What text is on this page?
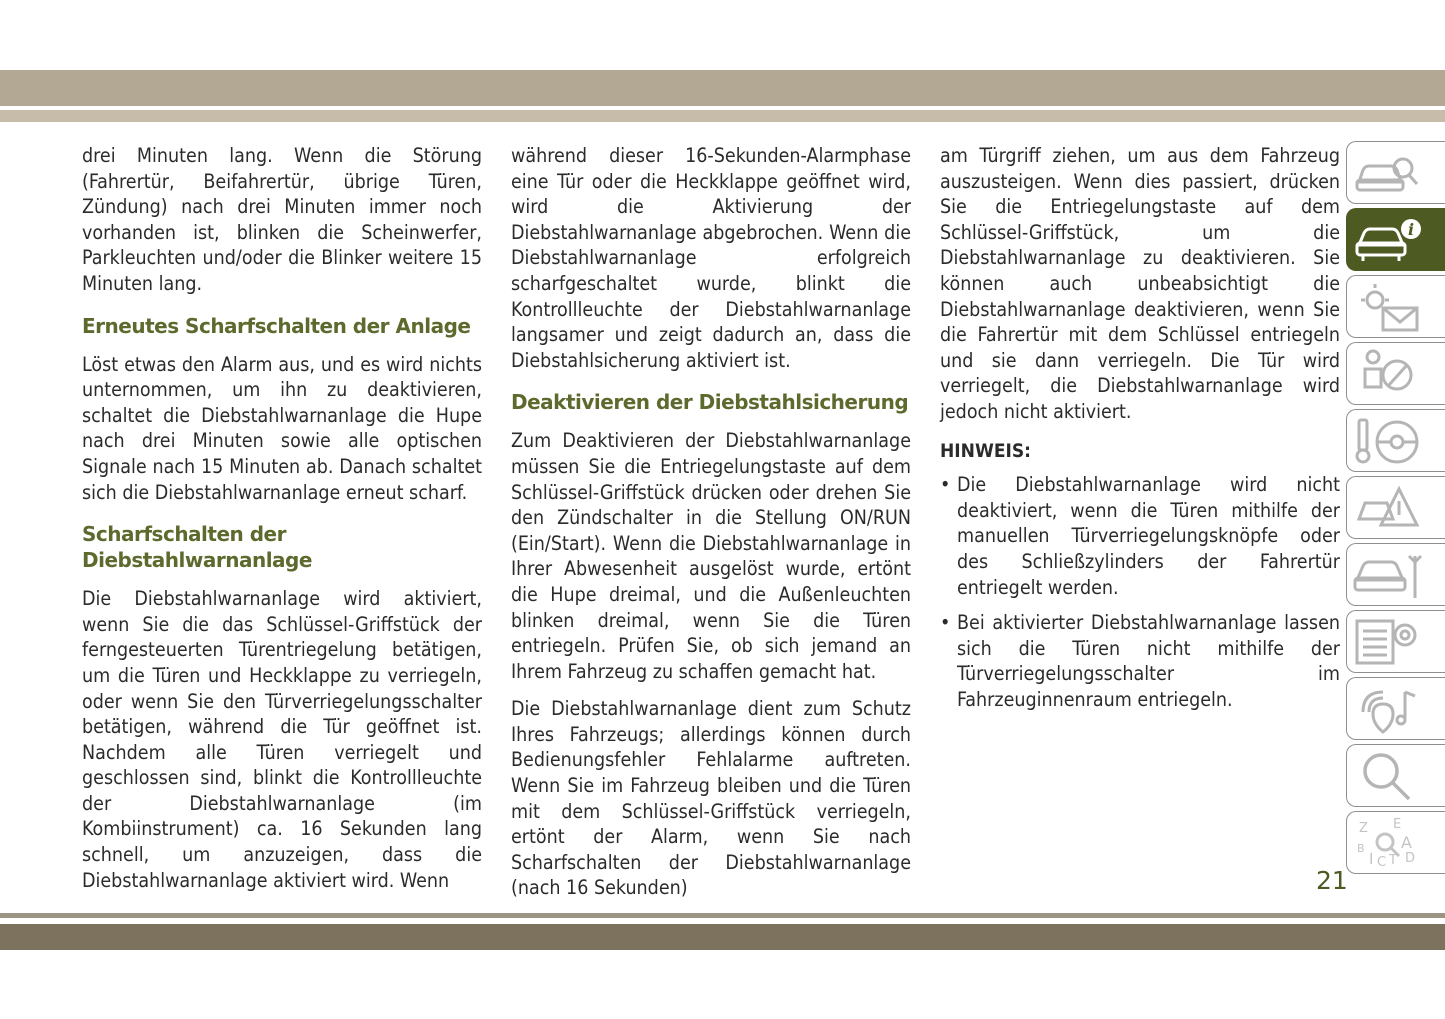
drei Minuten lang. Wenn die Störung (Fahrertür, Beifahrertür, übrige Türen, Zündung) nach drei Minuten immer noch vorhanden ist, blinken die Scheinwerfer, Parkleuchten und/oder die Blinker weitere 15 Minuten lang.

Erneutes Scharfschalten der Anlage

Löst etwas den Alarm aus, und es wird nichts unternommen, um ihn zu deaktivieren, schaltet die Diebstahlwarnanlage die Hupe nach drei Minuten sowie alle optischen Signale nach 15 Minuten ab. Danach schaltet sich die Diebstahlwarnanlage erneut scharf.

Scharfschalten der Diebstahlwarnanlage

Die Diebstahlwarnanlage wird aktiviert, wenn Sie die das Schlüssel-Griffstück der ferngesteuerten Türentriegelung betätigen, um die Türen und Heckklappe zu verriegeln, oder wenn Sie den Türverriegelungsschalter betätigen, während die Tür geöffnet ist. Nachdem alle Türen verriegelt und geschlossen sind, blinkt die Kontrollleuchte der Diebstahlwarnanlage (im Kombiinstrument) ca. 16 Sekunden lang schnell, um anzuzeigen, dass die Diebstahlwarnanlage aktiviert wird. Wenn

während dieser 16-Sekunden-Alarmphase eine Tür oder die Heckklappe geöffnet wird, wird die Aktivierung der Diebstahlwarnanlage abgebrochen. Wenn die Diebstahlwarnanlage erfolgreich scharfgeschaltet wurde, blinkt die Kontrollleuchte der Diebstahlwarnanlage langsamer und zeigt dadurch an, dass die Diebstahlsicherung aktiviert ist.

Deaktivieren der Diebstahlsicherung

Zum Deaktivieren der Diebstahlwarnanlage müssen Sie die Entriegelungstaste auf dem Schlüssel-Griffstück drücken oder drehen Sie den Zündschalter in die Stellung ON/RUN (Ein/Start). Wenn die Diebstahlwarnanlage in Ihrer Abwesenheit ausgelöst wurde, ertönt die Hupe dreimal, und die Außenleuchten blinken dreimal, wenn Sie die Türen entriegeln. Prüfen Sie, ob sich jemand an Ihrem Fahrzeug zu schaffen gemacht hat.

Die Diebstahlwarnanlage dient zum Schutz Ihres Fahrzeugs; allerdings können durch Bedienungsfehler Fehlalarme auftreten. Wenn Sie im Fahrzeug bleiben und die Türen mit dem Schlüssel-Griffstück verriegeln, ertönt der Alarm, wenn Sie nach Scharfschalten der Diebstahlwarnanlage (nach 16 Sekunden)

am Türgriff ziehen, um aus dem Fahrzeug auszusteigen. Wenn dies passiert, drücken Sie die Entriegelungstaste auf dem Schlüssel-Griffstück, um die Diebstahlwarnanlage zu deaktivieren. Sie können auch unbeabsichtigt die Diebstahlwarnanlage deaktivieren, wenn Sie die Fahrertür mit dem Schlüssel entriegeln und sie dann verriegeln. Die Tür wird verriegelt, die Diebstahlwarnanlage wird jedoch nicht aktiviert.

HINWEIS:
• Die Diebstahlwarnanlage wird nicht deaktiviert, wenn die Türen mithilfe der manuellen Türverriegelungsknöpfe oder des Schließzylinders der Fahrertür entriegelt werden.
• Bei aktivierter Diebstahlwarnanlage lassen sich die Türen nicht mithilfe der Türverriegelungsschalter im Fahrzeuginnenraum entriegeln.
i
Z E
A
B
I C T D
21
